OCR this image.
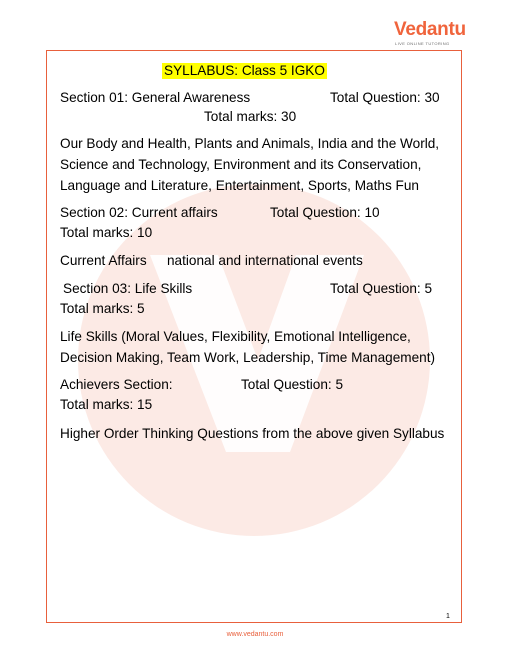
Vedantu
LIVE ONLINE TUTORING
SYLLABUS: Class 5 IGKO
Section 01: General Awareness	Total Question: 30
Total marks: 30
Our Body and Health, Plants and Animals, India and the World,
Science and Technology, Environment and its Conservation,
Language and Literature, Entertainment, Sports, Maths Fun
Section 02: Current affairs	Total Question: 10
Total marks: 10
Current Affairs national and international events
Section 03: Life Skills	Total Question: 5
Total marks: 5
Life Skills (Moral Values, Flexibility, Emotional Intelligence,
Decision Making, Team Work, Leadership, Time Management)
Achievers Section:	Total Question: 5
Total marks: 15
Higher Order Thinking Questions from the above given Syllabus
1
www.vedantu.com
